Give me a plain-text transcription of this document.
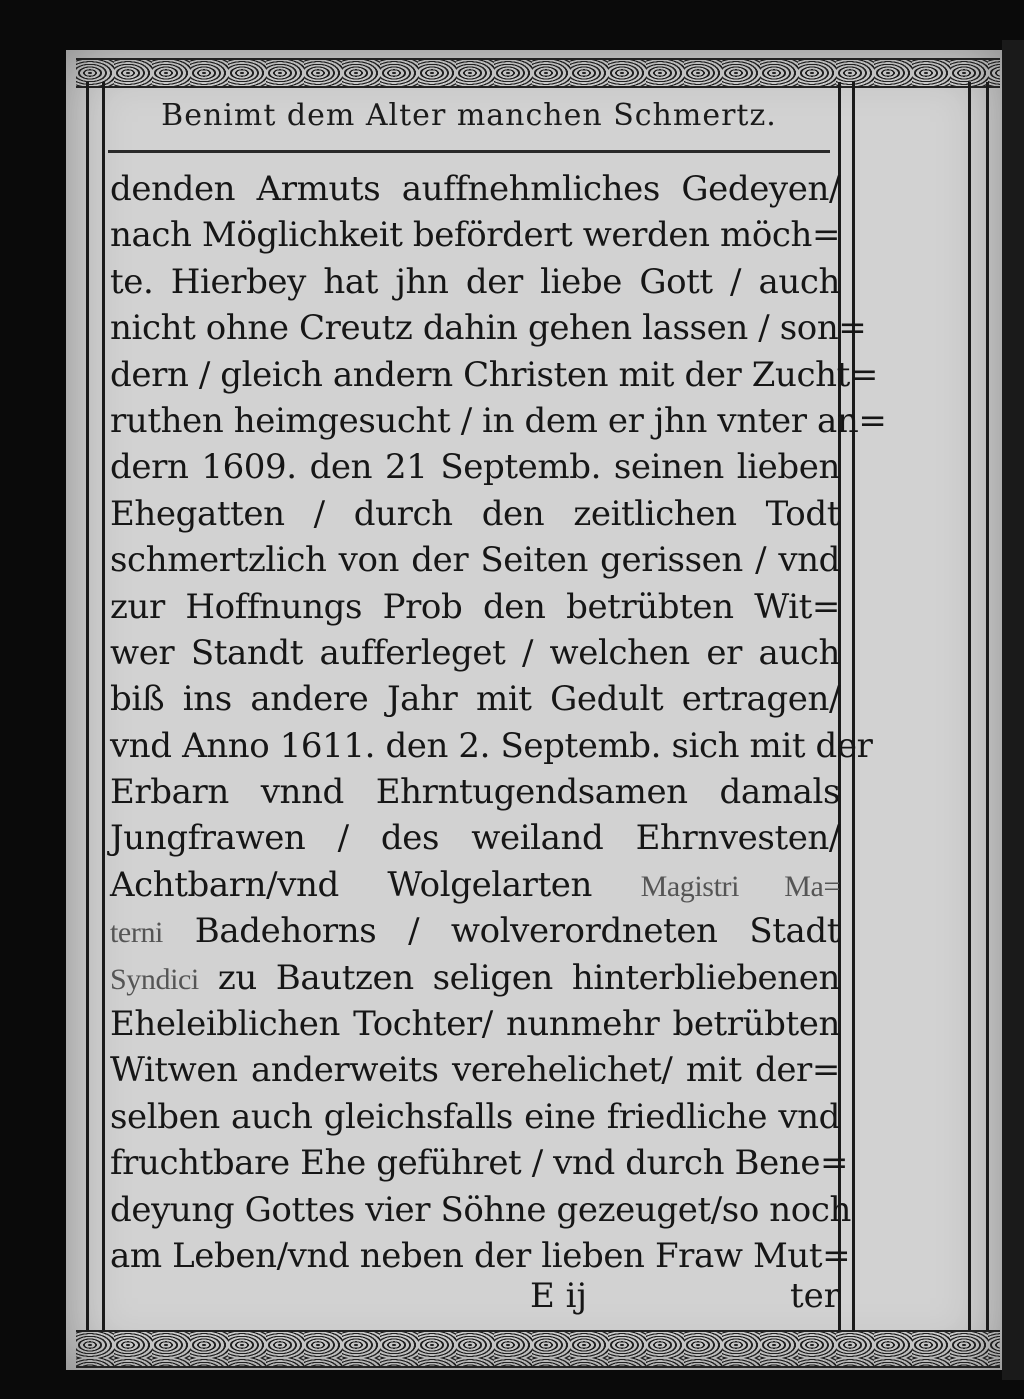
Benimt dem Alter manchen Schmertz.
denden Armuts auffnehmliches Gedeyen/
nach Möglichkeit befördert werden möch=
te. Hierbey hat jhn der liebe Gott / auch
nicht ohne Creutz dahin gehen lassen / son=
dern / gleich andern Christen mit der Zucht=
ruthen heimgesucht / in dem er jhn vnter an=
dern 1609. den 21 Septemb. seinen lieben
Ehegatten / durch den zeitlichen Todt
schmertzlich von der Seiten gerissen / vnd
zur Hoffnungs Prob den betrübten Wit=
wer Standt aufferleget / welchen er auch
biß ins andere Jahr mit Gedult ertragen/
vnd Anno 1611. den 2. Septemb. sich mit der
Erbarn vnnd Ehrntugendsamen damals
Jungfrawen / des weiland Ehrnvesten/
Achtbarn/vnd Wolgelarten Magistri Ma=
terni Badehorns / wolverordneten Stadt
Syndici zu Bautzen seligen hinterbliebenen
Eheleiblichen Tochter/ nunmehr betrübten
Witwen anderweits verehelichet/ mit der=
selben auch gleichsfalls eine friedliche vnd
fruchtbare Ehe geführet / vnd durch Bene=
deyung Gottes vier Söhne gezeuget/so noch
am Leben/vnd neben der lieben Fraw Mut=
E ij	ter
